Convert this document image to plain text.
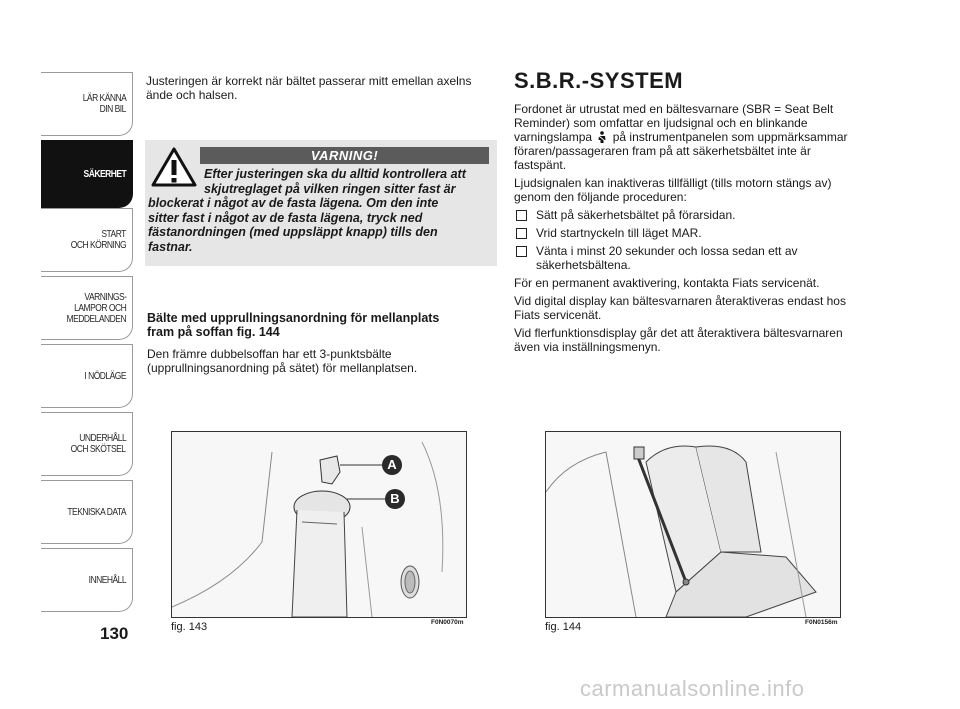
LÄR KÄNNA
DIN BIL
SÄKERHET
START
OCH KÖRNING
VARNINGS-
LAMPOR OCH
MEDDELANDEN
I NÖDLÄGE
UNDERHÅLL
OCH SKÖTSEL
TEKNISKA DATA
INNEHÅLL
130
Justeringen är korrekt när bältet passerar mitt emellan axelns
ände och halsen.
VARNING!
Efter justeringen ska du alltid kontrollera att
skjutreglaget på vilken ringen sitter fast är
blockerat i något av de fasta lägena. Om den inte
sitter fast i något av de fasta lägena, tryck ned
fästanordningen (med uppsläppt knapp) tills den
fastnar.
Bälte med upprullningsanordning för mellanplats
fram på soffan fig. 144
Den främre dubbelsoffan har ett 3-punktsbälte
(upprullningsanordning på sätet) för mellanplatsen.
S.B.R.-SYSTEM
Fordonet är utrustat med en bältesvarnare (SBR = Seat Belt
Reminder) som omfattar en ljudsignal och en blinkande
varningslampa på instrumentpanelen som uppmärksammar
föraren/passageraren fram på att säkerhetsbältet inte är
fastspänt.
Ljudsignalen kan inaktiveras tillfälligt (tills motorn stängs av)
genom den följande proceduren:
Sätt på säkerhetsbältet på förarsidan.
Vrid startnyckeln till läget MAR.
Vänta i minst 20 sekunder och lossa sedan ett av
säkerhetsbältena.
För en permanent avaktivering, kontakta Fiats servicenät.
Vid digital display kan bältesvarnaren återaktiveras endast hos
Fiats servicenät.
Vid flerfunktionsdisplay går det att återaktivera bältesvarnaren
även via inställningsmenyn.
A
B
fig. 143	F0N0070m	fig. 144	F0N0156m
carmanualsonline.info
